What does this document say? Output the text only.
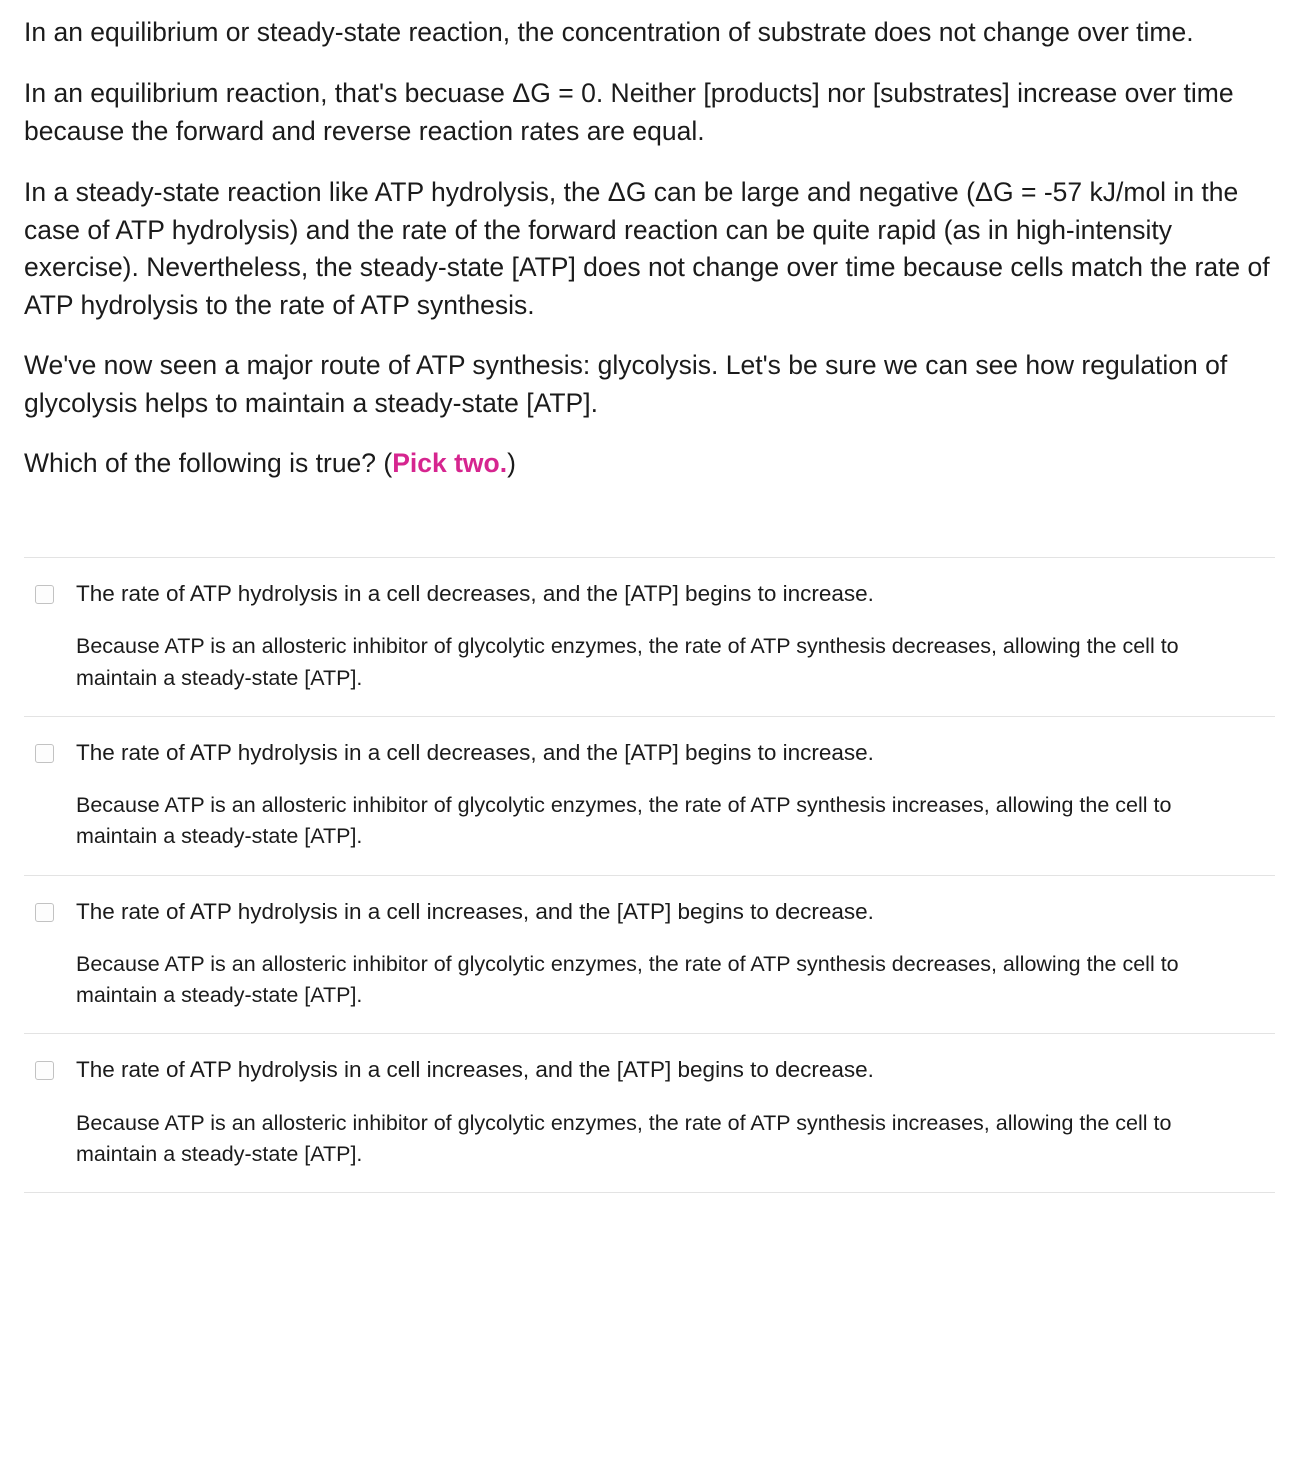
In an equilibrium or steady-state reaction, the concentration of substrate does not change over time.

In an equilibrium reaction, that's becuase ΔG = 0. Neither [products] nor [substrates] increase over time because the forward and reverse reaction rates are equal.

In a steady-state reaction like ATP hydrolysis, the ΔG can be large and negative (ΔG = -57 kJ/mol in the case of ATP hydrolysis) and the rate of the forward reaction can be quite rapid (as in high-intensity exercise). Nevertheless, the steady-state [ATP] does not change over time because cells match the rate of ATP hydrolysis to the rate of ATP synthesis.

We've now seen a major route of ATP synthesis: glycolysis. Let's be sure we can see how regulation of glycolysis helps to maintain a steady-state [ATP].

Which of the following is true? (Pick two.)

The rate of ATP hydrolysis in a cell decreases, and the [ATP] begins to increase.

Because ATP is an allosteric inhibitor of glycolytic enzymes, the rate of ATP synthesis decreases, allowing the cell to maintain a steady-state [ATP].

The rate of ATP hydrolysis in a cell decreases, and the [ATP] begins to increase.

Because ATP is an allosteric inhibitor of glycolytic enzymes, the rate of ATP synthesis increases, allowing the cell to maintain a steady-state [ATP].

The rate of ATP hydrolysis in a cell increases, and the [ATP] begins to decrease.

Because ATP is an allosteric inhibitor of glycolytic enzymes, the rate of ATP synthesis decreases, allowing the cell to maintain a steady-state [ATP].

The rate of ATP hydrolysis in a cell increases, and the [ATP] begins to decrease.

Because ATP is an allosteric inhibitor of glycolytic enzymes, the rate of ATP synthesis increases, allowing the cell to maintain a steady-state [ATP].
